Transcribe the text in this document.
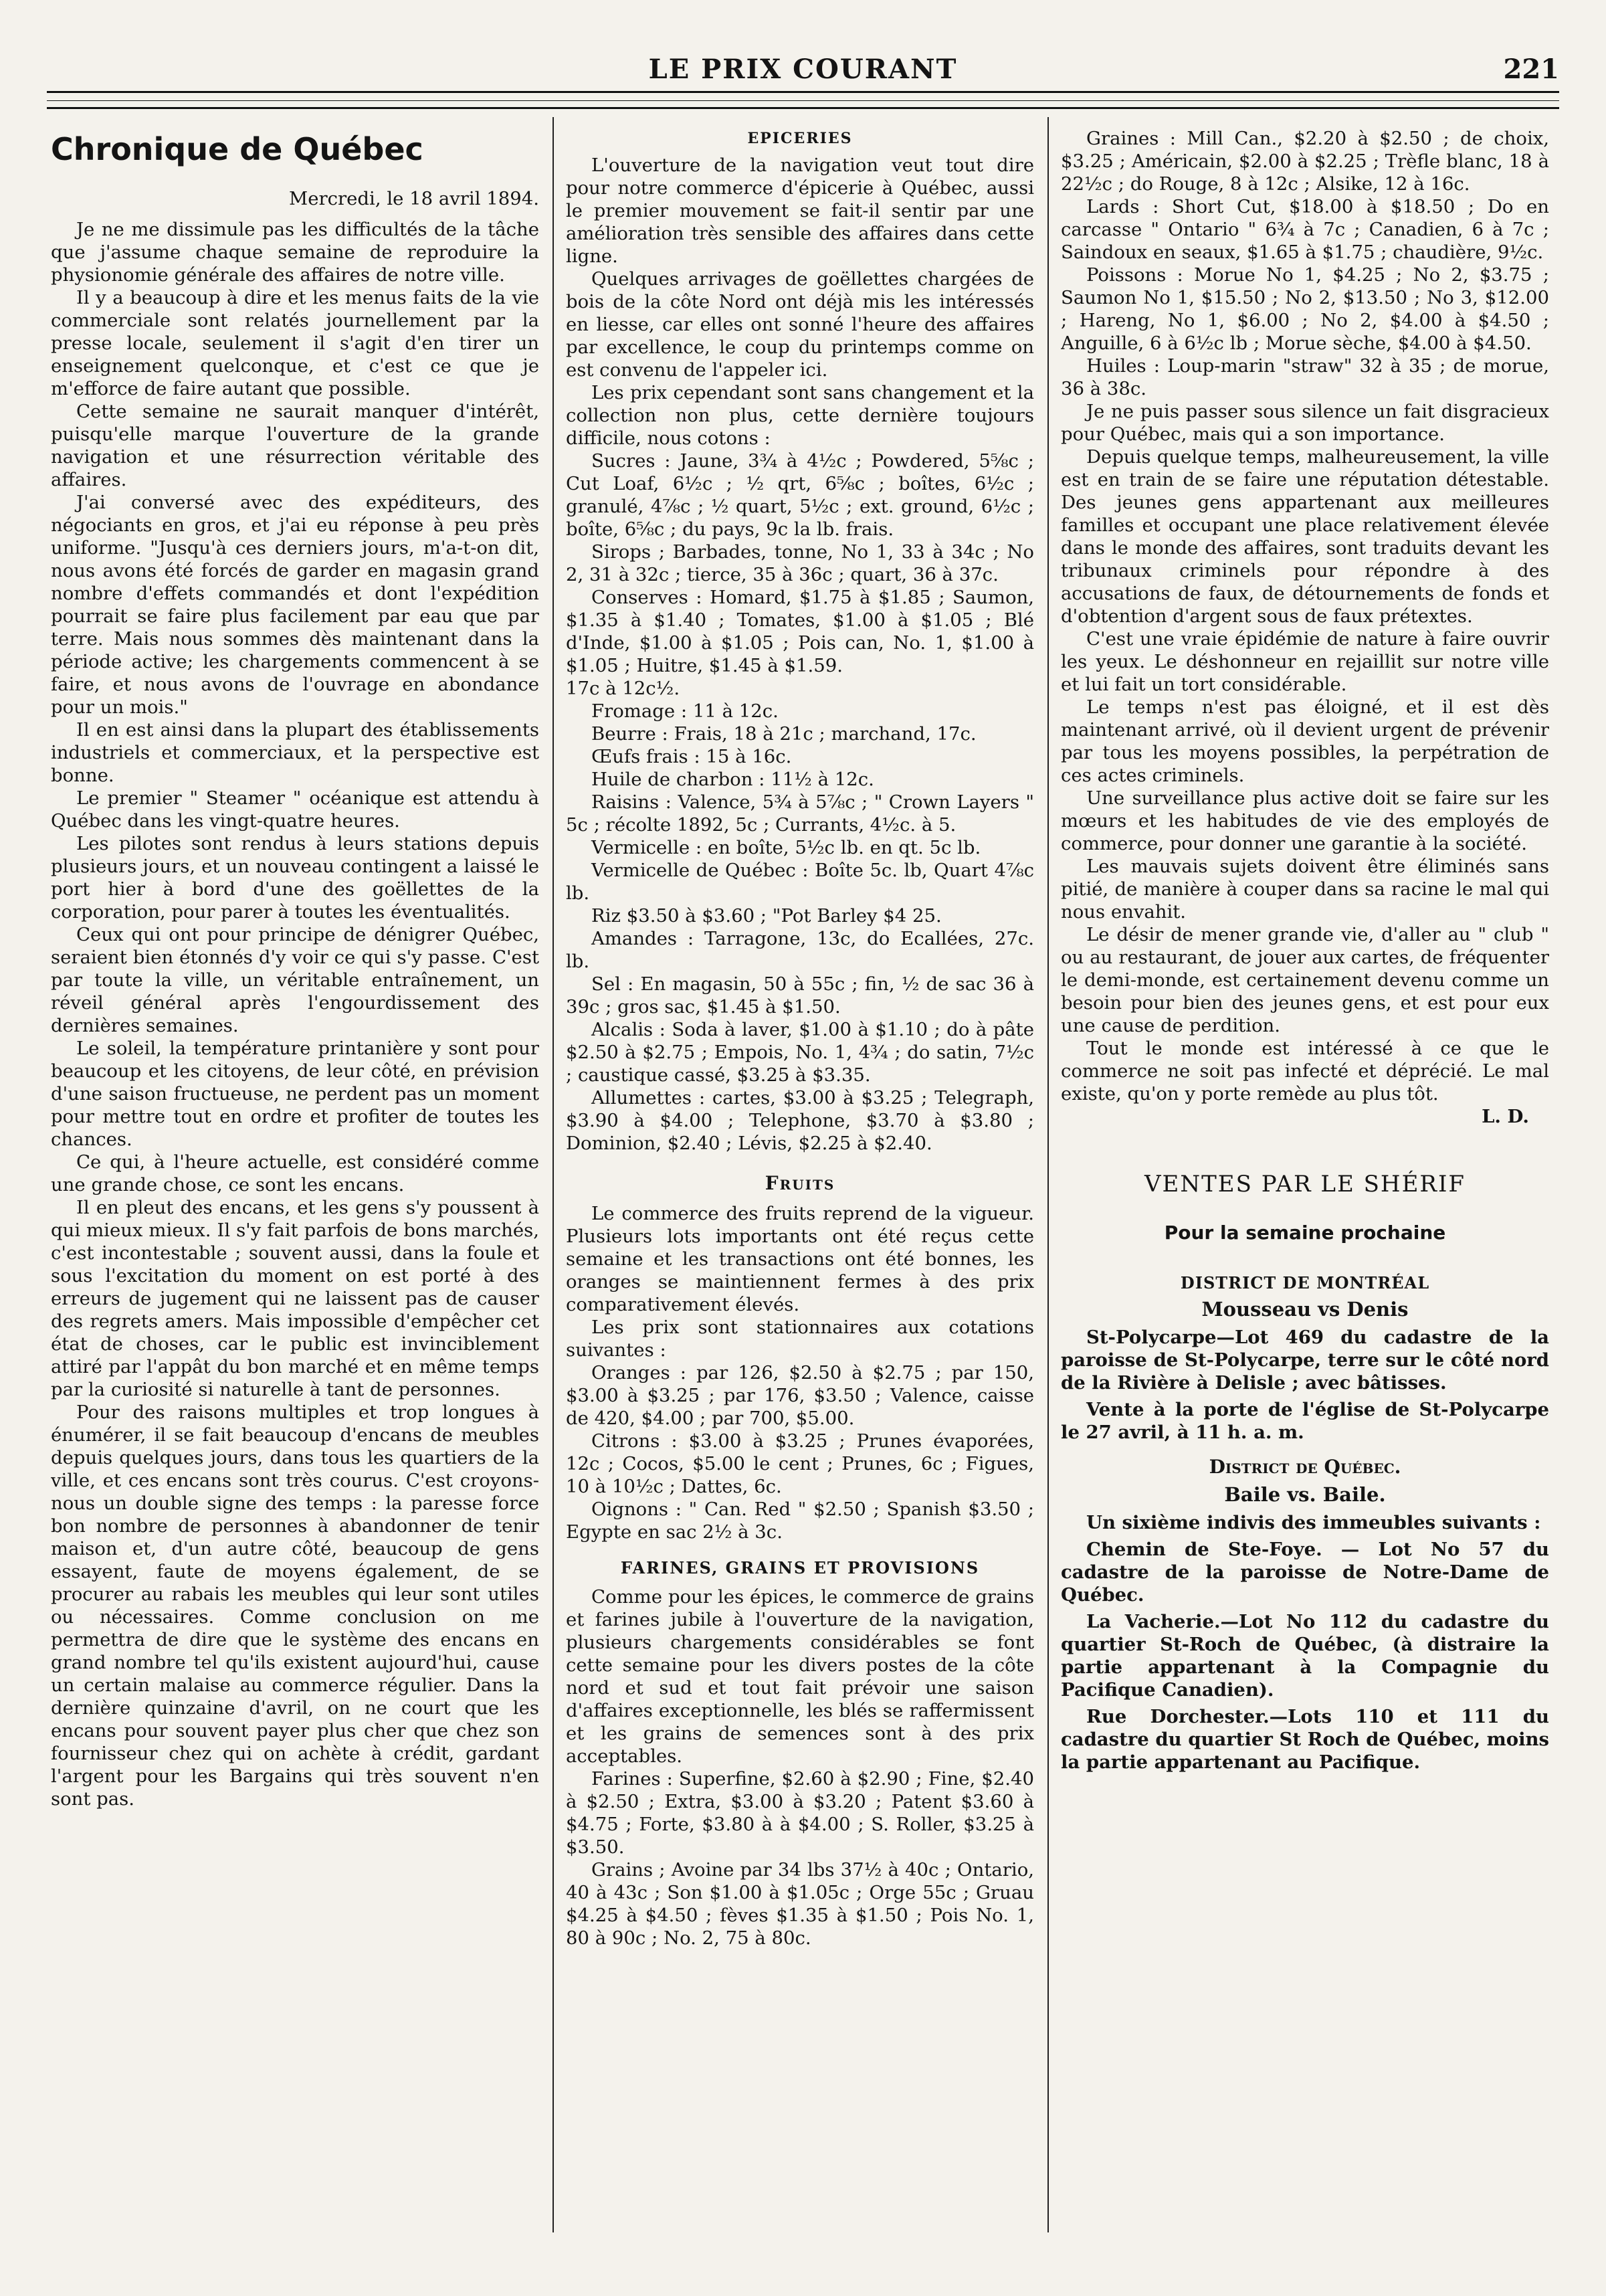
LE PRIX COURANT	221
Chronique de Québec

Mercredi, le 18 avril 1894.

Je ne me dissimule pas les difficultés de la tâche que j'assume chaque semaine de reproduire la physionomie générale des affaires de notre ville.

Il y a beaucoup à dire et les menus faits de la vie commerciale sont relatés journellement par la presse locale, seulement il s'agit d'en tirer un enseignement quelconque, et c'est ce que je m'efforce de faire autant que possible.

Cette semaine ne saurait manquer d'intérêt, puisqu'elle marque l'ouverture de la grande navigation et une résurrection véritable des affaires.

J'ai conversé avec des expéditeurs, des négociants en gros, et j'ai eu réponse à peu près uniforme. "Jusqu'à ces derniers jours, m'a-t-on dit, nous avons été forcés de garder en magasin grand nombre d'effets commandés et dont l'expédition pourrait se faire plus facilement par eau que par terre. Mais nous sommes dès maintenant dans la période active; les chargements commencent à se faire, et nous avons de l'ouvrage en abondance pour un mois."

Il en est ainsi dans la plupart des établissements industriels et commerciaux, et la perspective est bonne.

Le premier " Steamer " océanique est attendu à Québec dans les vingt-quatre heures.

Les pilotes sont rendus à leurs stations depuis plusieurs jours, et un nouveau contingent a laissé le port hier à bord d'une des goëllettes de la corporation, pour parer à toutes les éventualités.

Ceux qui ont pour principe de dénigrer Québec, seraient bien étonnés d'y voir ce qui s'y passe. C'est par toute la ville, un véritable entraînement, un réveil général après l'engourdissement des dernières semaines.

Le soleil, la température printanière y sont pour beaucoup et les citoyens, de leur côté, en prévision d'une saison fructueuse, ne perdent pas un moment pour mettre tout en ordre et profiter de toutes les chances.

Ce qui, à l'heure actuelle, est considéré comme une grande chose, ce sont les encans.

Il en pleut des encans, et les gens s'y poussent à qui mieux mieux. Il s'y fait parfois de bons marchés, c'est incontestable ; souvent aussi, dans la foule et sous l'excitation du moment on est porté à des erreurs de jugement qui ne laissent pas de causer des regrets amers. Mais impossible d'empêcher cet état de choses, car le public est invinciblement attiré par l'appât du bon marché et en même temps par la curiosité si naturelle à tant de personnes.

Pour des raisons multiples et trop longues à énumérer, il se fait beaucoup d'encans de meubles depuis quelques jours, dans tous les quartiers de la ville, et ces encans sont très courus. C'est croyons-nous un double signe des temps : la paresse force bon nombre de personnes à abandonner de tenir maison et, d'un autre côté, beaucoup de gens essayent, faute de moyens également, de se procurer au rabais les meubles qui leur sont utiles ou nécessaires. Comme conclusion on me permettra de dire que le système des encans en grand nombre tel qu'ils existent aujourd'hui, cause un certain malaise au commerce régulier. Dans la dernière quinzaine d'avril, on ne court que les encans pour souvent payer plus cher que chez son fournisseur chez qui on achète à crédit, gardant l'argent pour les Bargains qui très souvent n'en sont pas.

EPICERIES

L'ouverture de la navigation veut tout dire pour notre commerce d'épicerie à Québec, aussi le premier mouvement se fait-il sentir par une amélioration très sensible des affaires dans cette ligne.

Quelques arrivages de goëllettes chargées de bois de la côte Nord ont déjà mis les intéressés en liesse, car elles ont sonné l'heure des affaires par excellence, le coup du printemps comme on est convenu de l'appeler ici.

Les prix cependant sont sans changement et la collection non plus, cette dernière toujours difficile, nous cotons :

Sucres : Jaune, 3¾ à 4½c ; Powdered, 5⅝c ; Cut Loaf, 6½c ; ½ qrt, 6⅝c ; boîtes, 6½c ; granulé, 4⅞c ; ½ quart, 5½c ; ext. ground, 6½c ; boîte, 6⅝c ; du pays, 9c la lb. frais.

Sirops ; Barbades, tonne, No 1, 33 à 34c ; No 2, 31 à 32c ; tierce, 35 à 36c ; quart, 36 à 37c.

Conserves : Homard, $1.75 à $1.85 ; Saumon, $1.35 à $1.40 ; Tomates, $1.00 à $1.05 ; Blé d'Inde, $1.00 à $1.05 ; Pois can, No. 1, $1.00 à $1.05 ; Huitre, $1.45 à $1.59.

17c à 12c½.

Fromage : 11 à 12c.

Beurre : Frais, 18 à 21c ; marchand, 17c.

Œufs frais : 15 à 16c.

Huile de charbon : 11½ à 12c.

Raisins : Valence, 5¾ à 5⅞c ; " Crown Layers " 5c ; récolte 1892, 5c ; Currants, 4½c. à 5.

Vermicelle : en boîte, 5½c lb. en qt. 5c lb.

Vermicelle de Québec : Boîte 5c. lb, Quart 4⅞c lb.

Riz $3.50 à $3.60 ; "Pot Barley $4 25.

Amandes : Tarragone, 13c, do Ecallées, 27c. lb.

Sel : En magasin, 50 à 55c ; fin, ½ de sac 36 à 39c ; gros sac, $1.45 à $1.50.

Alcalis : Soda à laver, $1.00 à $1.10 ; do à pâte $2.50 à $2.75 ; Empois, No. 1, 4¾ ; do satin, 7½c ; caustique cassé, $3.25 à $3.35.

Allumettes : cartes, $3.00 à $3.25 ; Telegraph, $3.90 à $4.00 ; Telephone, $3.70 à $3.80 ; Dominion, $2.40 ; Lévis, $2.25 à $2.40.

Fruits

Le commerce des fruits reprend de la vigueur. Plusieurs lots importants ont été reçus cette semaine et les transactions ont été bonnes, les oranges se maintiennent fermes à des prix comparativement élevés.

Les prix sont stationnaires aux cotations suivantes :

Oranges : par 126, $2.50 à $2.75 ; par 150, $3.00 à $3.25 ; par 176, $3.50 ; Valence, caisse de 420, $4.00 ; par 700, $5.00.

Citrons : $3.00 à $3.25 ; Prunes évaporées, 12c ; Cocos, $5.00 le cent ; Prunes, 6c ; Figues, 10 à 10½c ; Dattes, 6c.

Oignons : " Can. Red " $2.50 ; Spanish $3.50 ; Egypte en sac 2½ à 3c.

FARINES, GRAINS ET PROVISIONS

Comme pour les épices, le commerce de grains et farines jubile à l'ouverture de la navigation, plusieurs chargements considérables se font cette semaine pour les divers postes de la côte nord et sud et tout fait prévoir une saison d'affaires exceptionnelle, les blés se raffermissent et les grains de semences sont à des prix acceptables.

Farines : Superfine, $2.60 à $2.90 ; Fine, $2.40 à $2.50 ; Extra, $3.00 à $3.20 ; Patent $3.60 à $4.75 ; Forte, $3.80 à à $4.00 ; S. Roller, $3.25 à $3.50.

Grains ; Avoine par 34 lbs 37½ à 40c ; Ontario, 40 à 43c ; Son $1.00 à $1.05c ; Orge 55c ; Gruau $4.25 à $4.50 ; fèves $1.35 à $1.50 ; Pois No. 1, 80 à 90c ; No. 2, 75 à 80c.

Graines : Mill Can., $2.20 à $2.50 ; de choix, $3.25 ; Américain, $2.00 à $2.25 ; Trèfle blanc, 18 à 22½c ; do Rouge, 8 à 12c ; Alsike, 12 à 16c.

Lards : Short Cut, $18.00 à $18.50 ; Do en carcasse " Ontario " 6¾ à 7c ; Canadien, 6 à 7c ; Saindoux en seaux, $1.65 à $1.75 ; chaudière, 9½c.

Poissons : Morue No 1, $4.25 ; No 2, $3.75 ; Saumon No 1, $15.50 ; No 2, $13.50 ; No 3, $12.00 ; Hareng, No 1, $6.00 ; No 2, $4.00 à $4.50 ; Anguille, 6 à 6½c lb ; Morue sèche, $4.00 à $4.50.

Huiles : Loup-marin "straw" 32 à 35 ; de morue, 36 à 38c.

Je ne puis passer sous silence un fait disgracieux pour Québec, mais qui a son importance.

Depuis quelque temps, malheureusement, la ville est en train de se faire une réputation détestable. Des jeunes gens appartenant aux meilleures familles et occupant une place relativement élevée dans le monde des affaires, sont traduits devant les tribunaux criminels pour répondre à des accusations de faux, de détournements de fonds et d'obtention d'argent sous de faux prétextes.

C'est une vraie épidémie de nature à faire ouvrir les yeux. Le déshonneur en rejaillit sur notre ville et lui fait un tort considérable.

Le temps n'est pas éloigné, et il est dès maintenant arrivé, où il devient urgent de prévenir par tous les moyens possibles, la perpétration de ces actes criminels.

Une surveillance plus active doit se faire sur les mœurs et les habitudes de vie des employés de commerce, pour donner une garantie à la société.

Les mauvais sujets doivent être éliminés sans pitié, de manière à couper dans sa racine le mal qui nous envahit.

Le désir de mener grande vie, d'aller au " club " ou au restaurant, de jouer aux cartes, de fréquenter le demi-monde, est certainement devenu comme un besoin pour bien des jeunes gens, et est pour eux une cause de perdition.

Tout le monde est intéressé à ce que le commerce ne soit pas infecté et déprécié. Le mal existe, qu'on y porte remède au plus tôt.

L. D.

VENTES PAR LE SHÉRIF
Pour la semaine prochaine
DISTRICT DE MONTRÉAL
Mousseau vs Denis

St-Polycarpe—Lot 469 du cadastre de la paroisse de St-Polycarpe, terre sur le côté nord de la Rivière à Delisle ; avec bâtisses.

Vente à la porte de l'église de St-Polycarpe le 27 avril, à 11 h. a. m.

District de Québec.
Baile vs. Baile.

Un sixième indivis des immeubles suivants :

Chemin de Ste-Foye. — Lot No 57 du cadastre de la paroisse de Notre-Dame de Québec.

La Vacherie.—Lot No 112 du cadastre du quartier St-Roch de Québec, (à distraire la partie appartenant à la Compagnie du Pacifique Canadien).

Rue Dorchester.—Lots 110 et 111 du cadastre du quartier St Roch de Québec, moins la partie appartenant au Pacifique.
